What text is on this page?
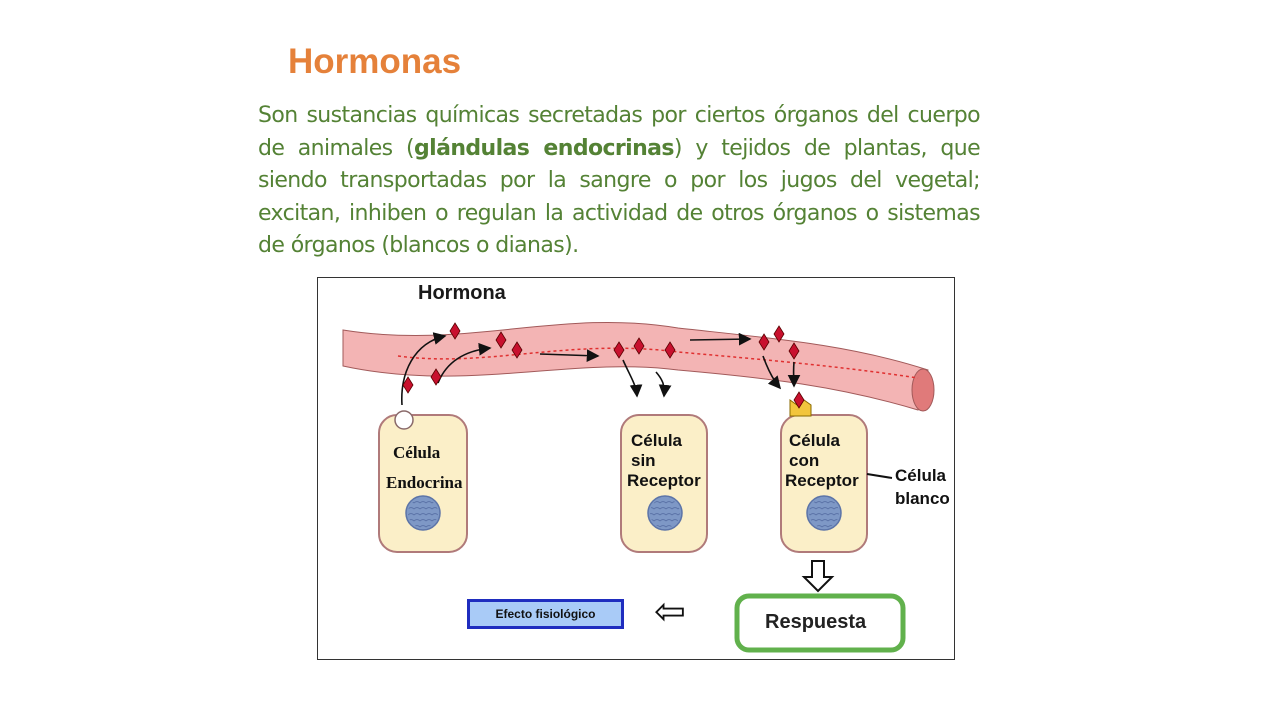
Hormonas

Son sustancias químicas secretadas por ciertos órganos del cuerpo de animales (glándulas endocrinas) y tejidos de plantas, que siendo transportadas por la sangre o por los jugos del vegetal; excitan, inhiben o regulan la actividad de otros órganos o sistemas de órganos (blancos o dianas).

Hormona
Célula
Endocrina
Célula
sin
Receptor
Célula
con
Receptor Célula
blanco
Respuesta
Efecto fisiológico	⇦
